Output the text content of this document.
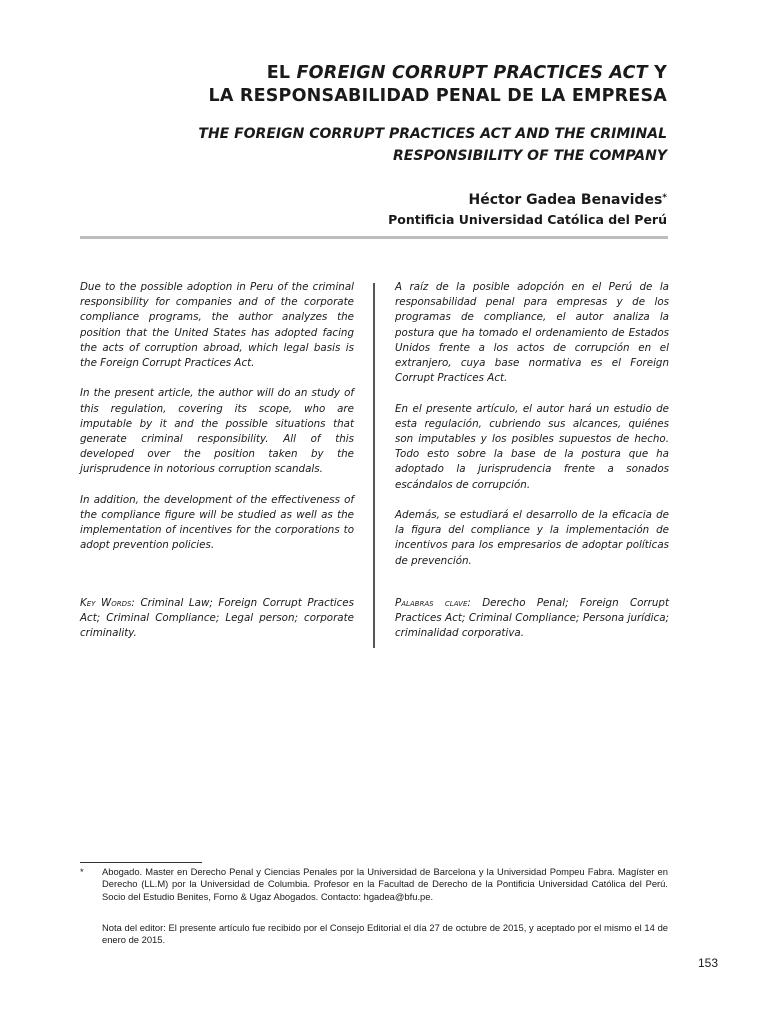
EL FOREIGN CORRUPT PRACTICES ACT Y
LA RESPONSABILIDAD PENAL DE LA EMPRESA
THE FOREIGN CORRUPT PRACTICES ACT AND THE CRIMINAL
RESPONSIBILITY OF THE COMPANY
Héctor Gadea Benavides*
Pontificia Universidad Católica del Perú

Due to the possible adoption in Peru of the criminal responsibility for companies and of the corporate compliance programs, the author analyzes the position that the United States has adopted facing the acts of corruption abroad, which legal basis is the Foreign Corrupt Practices Act.

In the present article, the author will do an study of this regulation, covering its scope, who are imputable by it and the possible situations that generate criminal responsibility. All of this developed over the position taken by the jurisprudence in notorious corruption scandals.

In addition, the development of the effectiveness of the compliance figure will be studied as well as the implementation of incentives for the corporations to adopt prevention policies.

A raíz de la posible adopción en el Perú de la responsabilidad penal para empresas y de los programas de compliance, el autor analiza la postura que ha tomado el ordenamiento de Estados Unidos frente a los actos de corrupción en el extranjero, cuya base normativa es el Foreign Corrupt Practices Act.

En el presente artículo, el autor hará un estudio de esta regulación, cubriendo sus alcances, quiénes son imputables y los posibles supuestos de hecho. Todo esto sobre la base de la postura que ha adoptado la jurisprudencia frente a sonados escándalos de corrupción.

Además, se estudiará el desarrollo de la eficacia de la figura del compliance y la implementación de incentivos para los empresarios de adoptar políticas de prevención.

Key Words: Criminal Law; Foreign Corrupt Practices Act; Criminal Compliance; Legal person; corporate criminality.
Palabras clave: Derecho Penal; Foreign Corrupt Practices Act; Criminal Compliance; Persona jurídica; criminalidad corporativa.
* Abogado. Master en Derecho Penal y Ciencias Penales por la Universidad de Barcelona y la Universidad Pompeu Fabra. Magíster en Derecho (LL.M) por la Universidad de Columbia. Profesor en la Facultad de Derecho de la Pontificia Universidad Católica del Perú. Socio del Estudio Benites, Forno & Ugaz Abogados. Contacto: hgadea@bfu.pe.
Nota del editor: El presente artículo fue recibido por el Consejo Editorial el día 27 de octubre de 2015, y aceptado por el mismo el 14 de enero de 2015.
153
